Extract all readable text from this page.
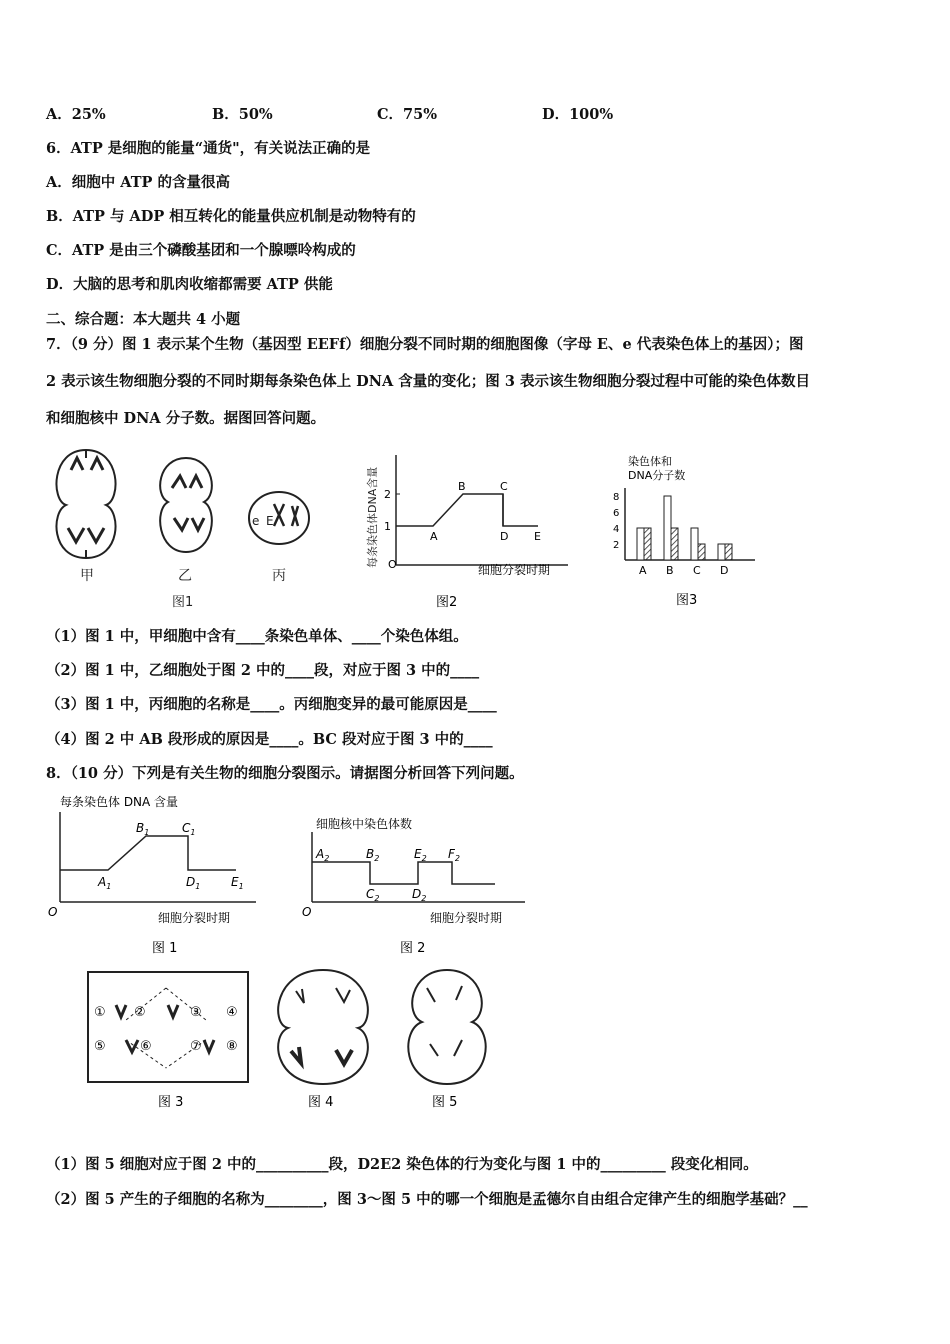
A．25%	B．50%	C．75%	D．100%
6．ATP 是细胞的能量“通货"，有关说法正确的是
A．细胞中 ATP 的含量很高
B．ATP 与 ADP 相互转化的能量供应机制是动物特有的
C．ATP 是由三个磷酸基团和一个腺嘌呤构成的
D．大脑的思考和肌肉收缩都需要 ATP 供能
二、综合题：本大题共 4 小题
7．（9 分）图 1 表示某个生物（基因型 EEFf）细胞分裂不同时期的细胞图像（字母 E、e 代表染色体上的基因）；图
2 表示该生物细胞分裂的不同时期每条染色体上 DNA 含量的变化；图 3 表示该生物细胞分裂过程中可能的染色体数目
和细胞核中 DNA 分子数。据图回答问题。
e E
甲	乙	丙
图1
每条染色体DNA含量 1
2
A
B	C
D E
O	细胞分裂时期
图2
染色体和
DNA分子数
2
4
6
8
A B C D
图3
（1）图 1 中，甲细胞中含有____条染色单体、____个染色体组。
（2）图 1 中，乙细胞处于图 2 中的____段，对应于图 3 中的____
（3）图 1 中，丙细胞的名称是____。丙细胞变异的最可能原因是____
（4）图 2 中 AB 段形成的原因是____。BC 段对应于图 3 中的____
8．（10 分）下列是有关生物的细胞分裂图示。请据图分析回答下列问题。
每条染色体 DNA 含量
$A_1$
$B_1$	$C_1$
$D_1$	$E_1$
O	细胞分裂时期
图 1
细胞核中染色体数
$A_2$	$B_2$
$C_2$	$D_2$
$E_2$ $F_2$
O	细胞分裂时期
图 2
① ②	③ ④
⑤	⑥	⑦ ⑧
图 3	图 4	图 5
（1）图 5 细胞对应于图 2 中的__________段，D2E2 染色体的行为变化与图 1 中的_________ 段变化相同。
（2）图 5 产生的子细胞的名称为________，图 3～图 5 中的哪一个细胞是孟德尔自由组合定律产生的细胞学基础？__
